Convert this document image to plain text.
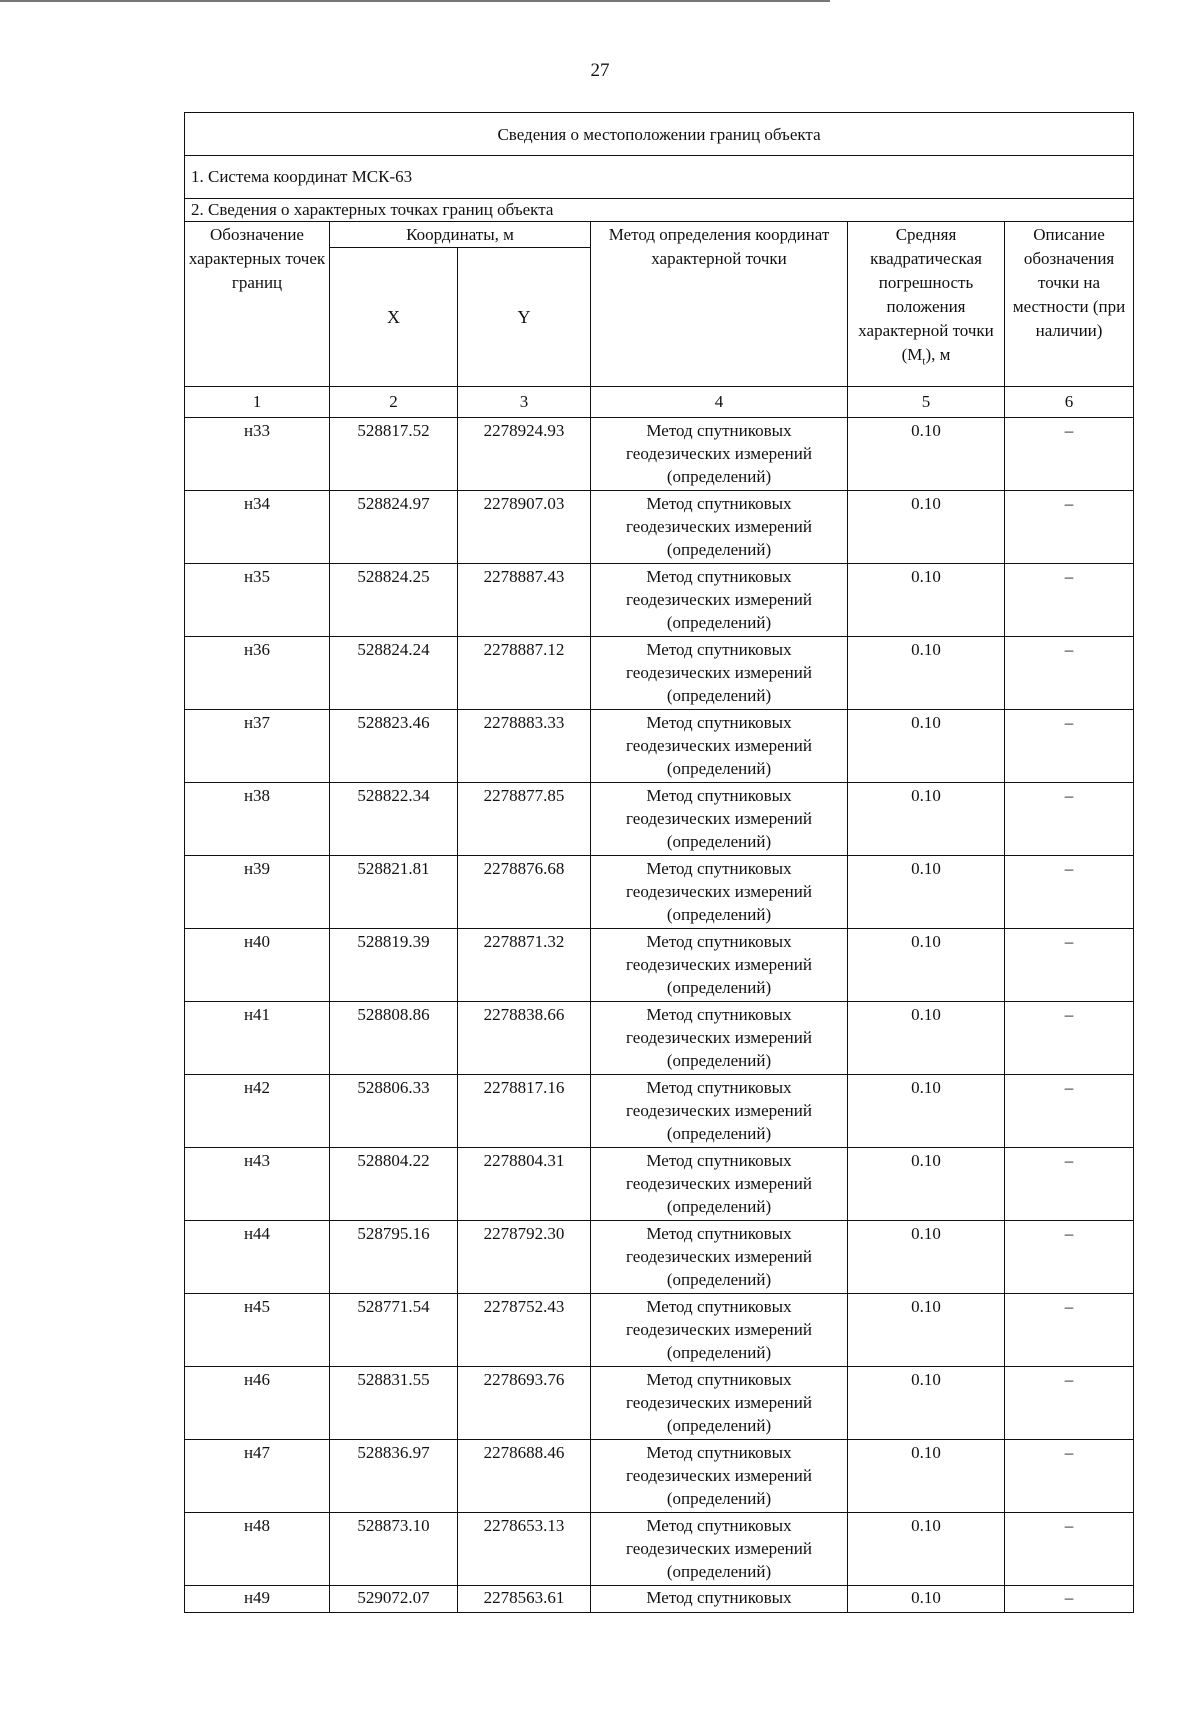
27
Сведения о местоположении границ объекта					
1. Система координат МСК-63					
2. Сведения о характерных точках границ объекта					
Обозначение характерных точек границ	Координаты, м		Метод определения координат характерной точки	Средняя квадратическая погрешность положения характерной точки $(M_t)$, м	Описание обозначения точки на местности (при наличии)
	X	Y			
1	2	3	4	5	6
н33	528817.52	2278924.93	Метод спутниковых геодезических измерений (определений)	0.10	–
н34	528824.97	2278907.03	Метод спутниковых геодезических измерений (определений)	0.10	–
н35	528824.25	2278887.43	Метод спутниковых геодезических измерений (определений)	0.10	–
н36	528824.24	2278887.12	Метод спутниковых геодезических измерений (определений)	0.10	–
н37	528823.46	2278883.33	Метод спутниковых геодезических измерений (определений)	0.10	–
н38	528822.34	2278877.85	Метод спутниковых геодезических измерений (определений)	0.10	–
н39	528821.81	2278876.68	Метод спутниковых геодезических измерений (определений)	0.10	–
н40	528819.39	2278871.32	Метод спутниковых геодезических измерений (определений)	0.10	–
н41	528808.86	2278838.66	Метод спутниковых геодезических измерений (определений)	0.10	–
н42	528806.33	2278817.16	Метод спутниковых геодезических измерений (определений)	0.10	–
н43	528804.22	2278804.31	Метод спутниковых геодезических измерений (определений)	0.10	–
н44	528795.16	2278792.30	Метод спутниковых геодезических измерений (определений)	0.10	–
н45	528771.54	2278752.43	Метод спутниковых геодезических измерений (определений)	0.10	–
н46	528831.55	2278693.76	Метод спутниковых геодезических измерений (определений)	0.10	–
н47	528836.97	2278688.46	Метод спутниковых геодезических измерений (определений)	0.10	–
н48	528873.10	2278653.13	Метод спутниковых геодезических измерений (определений)	0.10	–
н49	529072.07	2278563.61	Метод спутниковых	0.10	–
